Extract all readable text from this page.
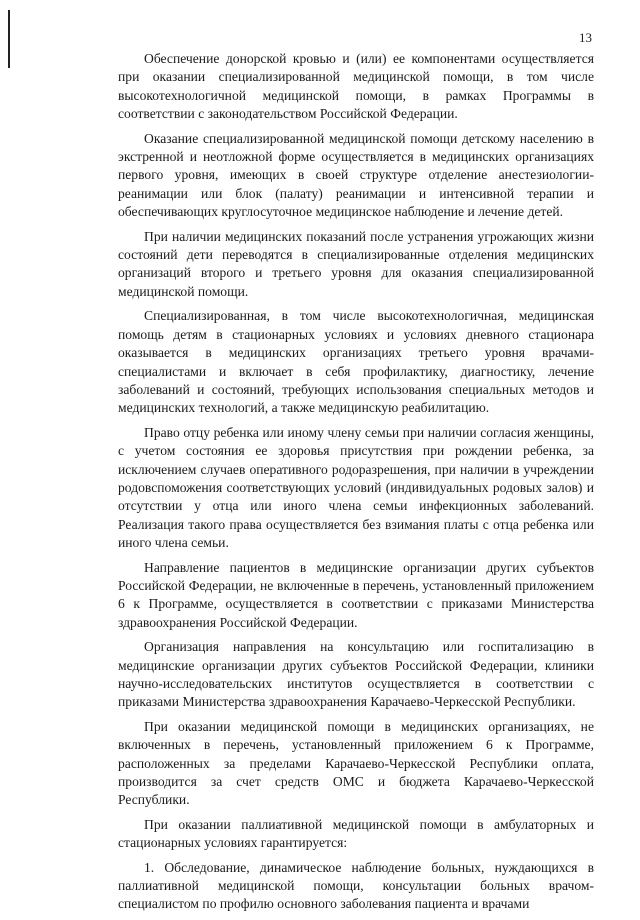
13

Обеспечение донорской кровью и (или) ее компонентами осуществляется при оказании специализированной медицинской помощи, в том числе высокотехнологичной медицинской помощи, в рамках Программы в соответствии с законодательством Российской Федерации.

Оказание специализированной медицинской помощи детскому населению в экстренной и неотложной форме осуществляется в медицинских организациях первого уровня, имеющих в своей структуре отделение анестезиологии-реанимации или блок (палату) реанимации и интенсивной терапии и обеспечивающих круглосуточное медицинское наблюдение и лечение детей.

При наличии медицинских показаний после устранения угрожающих жизни состояний дети переводятся в специализированные отделения медицинских организаций второго и третьего уровня для оказания специализированной медицинской помощи.

Специализированная, в том числе высокотехнологичная, медицинская помощь детям в стационарных условиях и условиях дневного стационара оказывается в медицинских организациях третьего уровня врачами-специалистами и включает в себя профилактику, диагностику, лечение заболеваний и состояний, требующих использования специальных методов и медицинских технологий, а также медицинскую реабилитацию.

Право отцу ребенка или иному члену семьи при наличии согласия женщины, с учетом состояния ее здоровья присутствия при рождении ребенка, за исключением случаев оперативного родоразрешения, при наличии в учреждении родовспоможения соответствующих условий (индивидуальных родовых залов) и отсутствии у отца или иного члена семьи инфекционных заболеваний. Реализация такого права осуществляется без взимания платы с отца ребенка или иного члена семьи.

Направление пациентов в медицинские организации других субъектов Российской Федерации, не включенные в перечень, установленный приложением 6 к Программе, осуществляется в соответствии с приказами Министерства здравоохранения Российской Федерации.

Организация направления на консультацию или госпитализацию в медицинские организации других субъектов Российской Федерации, клиники научно-исследовательских институтов осуществляется в соответствии с приказами Министерства здравоохранения Карачаево-Черкесской Республики.

При оказании медицинской помощи в медицинских организациях, не включенных в перечень, установленный приложением 6 к Программе, расположенных за пределами Карачаево-Черкесской Республики оплата, производится за счет средств ОМС и бюджета Карачаево-Черкесской Республики.

При оказании паллиативной медицинской помощи в амбулаторных и стационарных условиях гарантируется:

1. Обследование, динамическое наблюдение больных, нуждающихся в паллиативной медицинской помощи, консультации больных врачом-специалистом по профилю основного заболевания пациента и врачами
